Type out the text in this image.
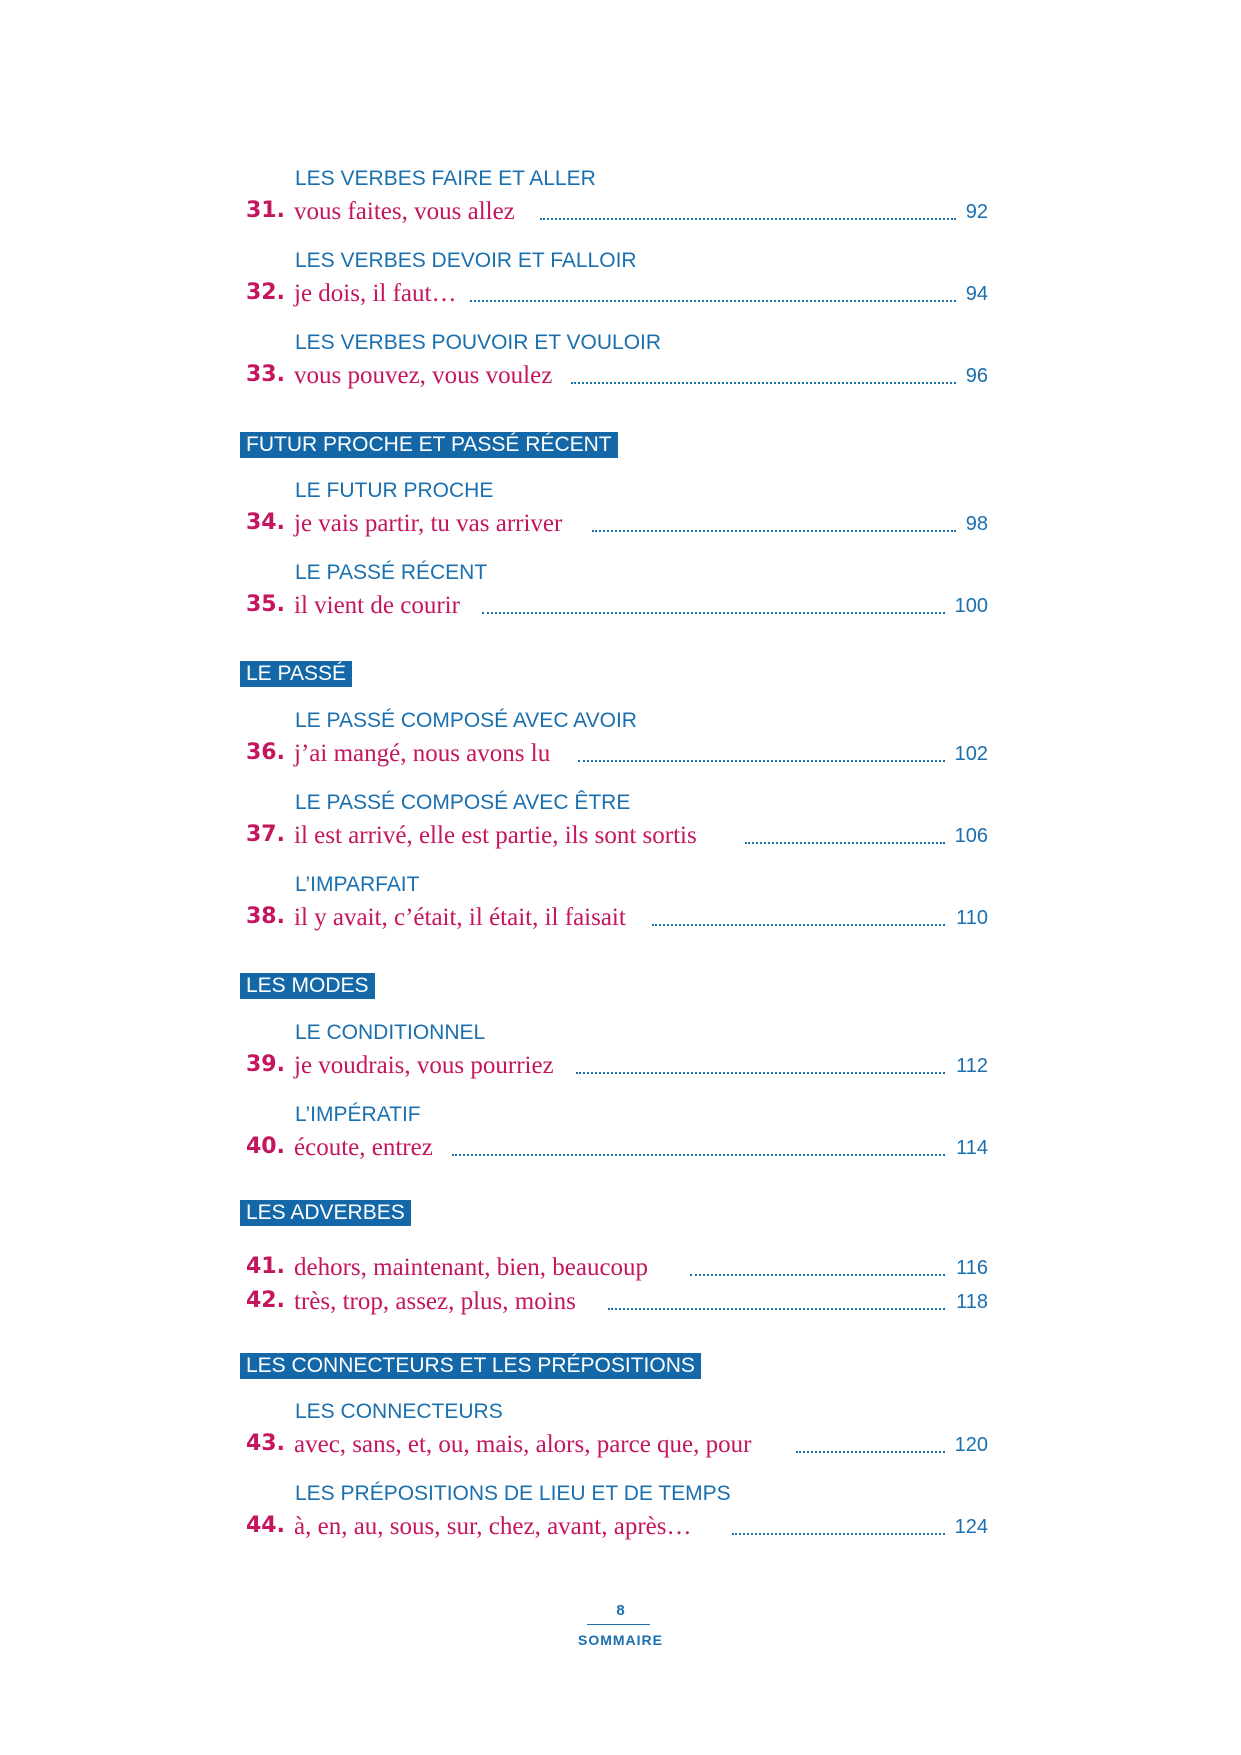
LES VERBES FAIRE ET ALLER
31. vous faites, vous allez	92
LES VERBES DEVOIR ET FALLOIR
32. je dois, il faut…	94
LES VERBES POUVOIR ET VOULOIR
33. vous pouvez, vous voulez	96
FUTUR PROCHE ET PASSÉ RÉCENT
LE FUTUR PROCHE
34. je vais partir, tu vas arriver	98
LE PASSÉ RÉCENT
35. il vient de courir	100
LE PASSÉ
LE PASSÉ COMPOSÉ AVEC AVOIR
36. j’ai mangé, nous avons lu	102
LE PASSÉ COMPOSÉ AVEC ÊTRE
37. il est arrivé, elle est partie, ils sont sortis	106
L’IMPARFAIT
38. il y avait, c’était, il était, il faisait	110
LES MODES
LE CONDITIONNEL
39. je voudrais, vous pourriez	112
L’IMPÉRATIF
40. écoute, entrez	114
LES ADVERBES
41. dehors, maintenant, bien, beaucoup	116
42. très, trop, assez, plus, moins	118
LES CONNECTEURS ET LES PRÉPOSITIONS
LES CONNECTEURS
43. avec, sans, et, ou, mais, alors, parce que, pour	120
LES PRÉPOSITIONS DE LIEU ET DE TEMPS
44. à, en, au, sous, sur, chez, avant, après…	124
8
SOMMAIRE
